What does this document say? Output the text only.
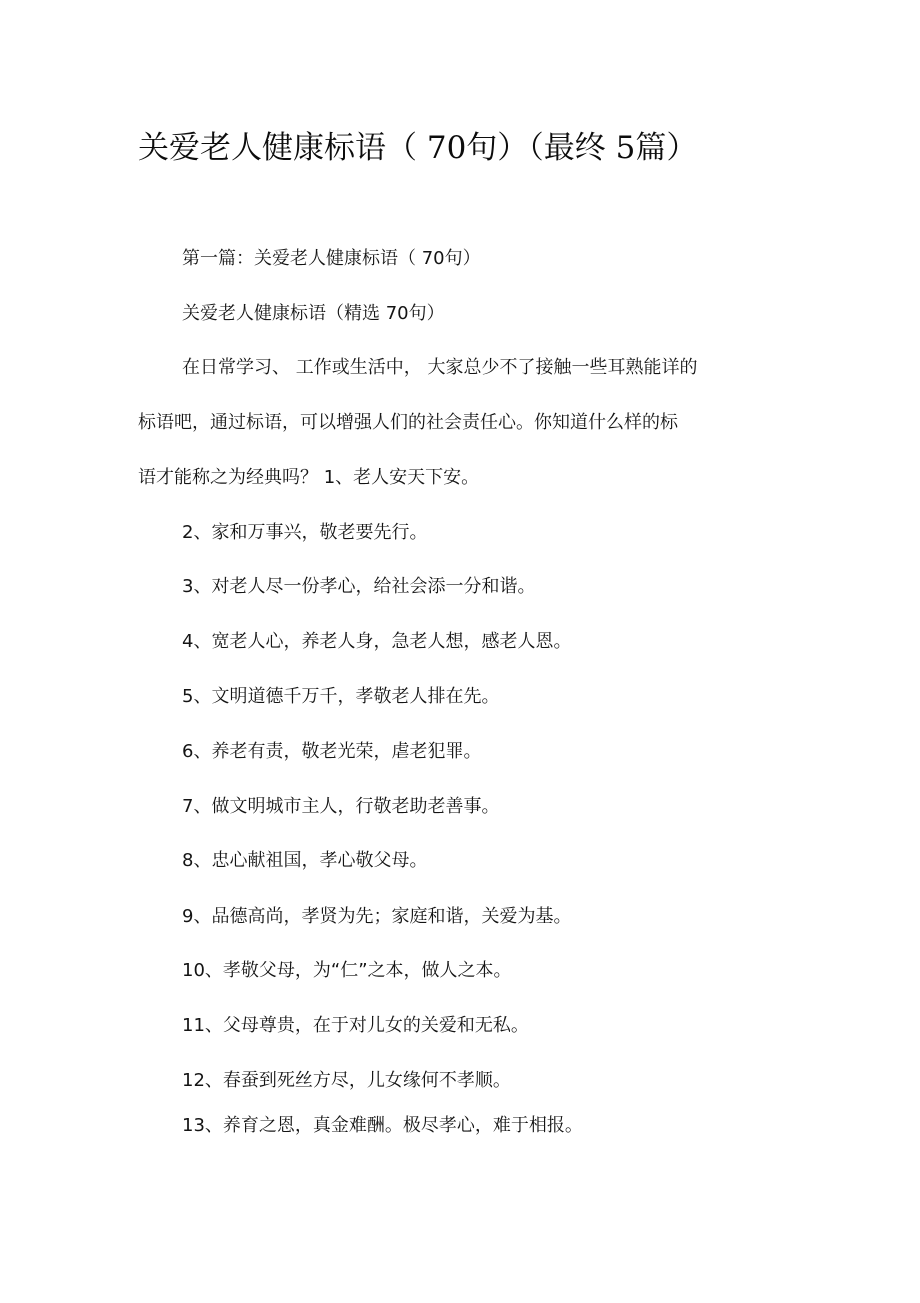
关爱老人健康标语（ 70句）（最终 5篇）
第一篇：关爱老人健康标语（ 70句）
关爱老人健康标语（精选 70句）
在日常学习、 工作或生活中， 大家总少不了接触一些耳熟能详的
标语吧，通过标语，可以增强人们的社会责任心。你知道什么样的标
语才能称之为经典吗？ 1、老人安天下安。
2、家和万事兴，敬老要先行。
3、对老人尽一份孝心，给社会添一分和谐。
4、宽老人心，养老人身，急老人想，感老人恩。
5、文明道德千万千，孝敬老人排在先。
6、养老有责，敬老光荣，虐老犯罪。
7、做文明城市主人，行敬老助老善事。
8、忠心献祖国，孝心敬父母。
9、品德高尚，孝贤为先；家庭和谐，关爱为基。
10、孝敬父母，为“仁”之本，做人之本。
11、父母尊贵，在于对儿女的关爱和无私。
12、春蚕到死丝方尽，儿女缘何不孝顺。
13、养育之恩，真金难酬。极尽孝心，难于相报。
